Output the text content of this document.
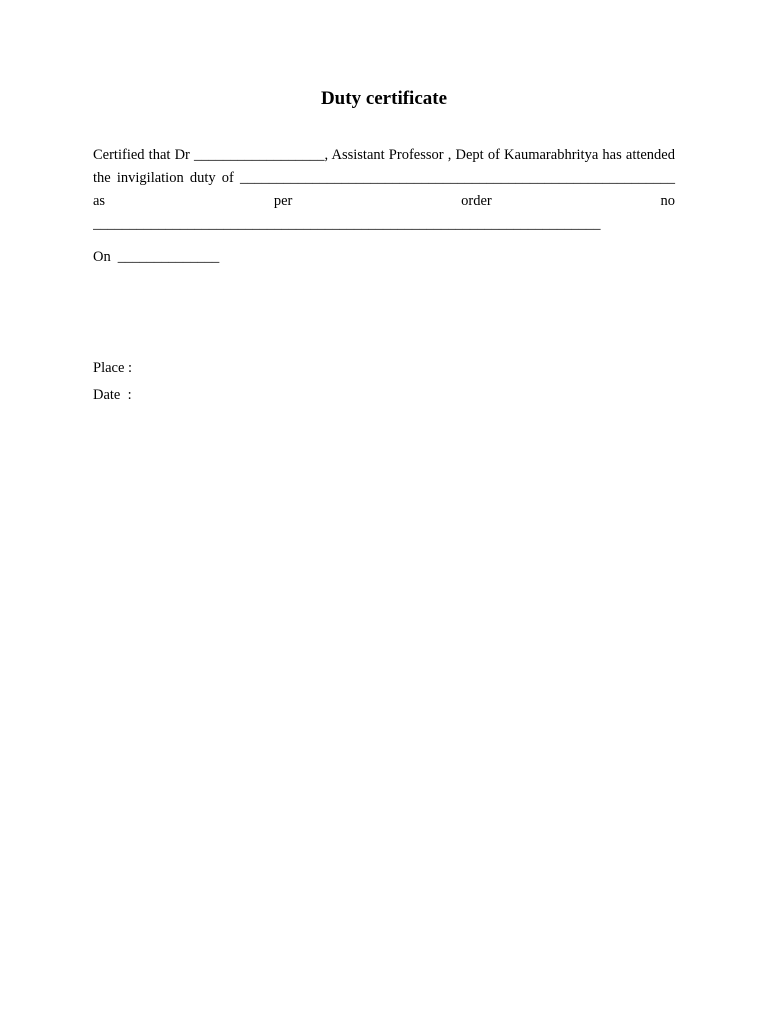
Duty certificate

Certified that Dr __________________, Assistant Professor , Dept of Kaumarabhritya has attended

the invigilation duty of ____________________________________________________________

as	per	order	no

______________________________________________________________________

On ______________
Place :
Date  :
